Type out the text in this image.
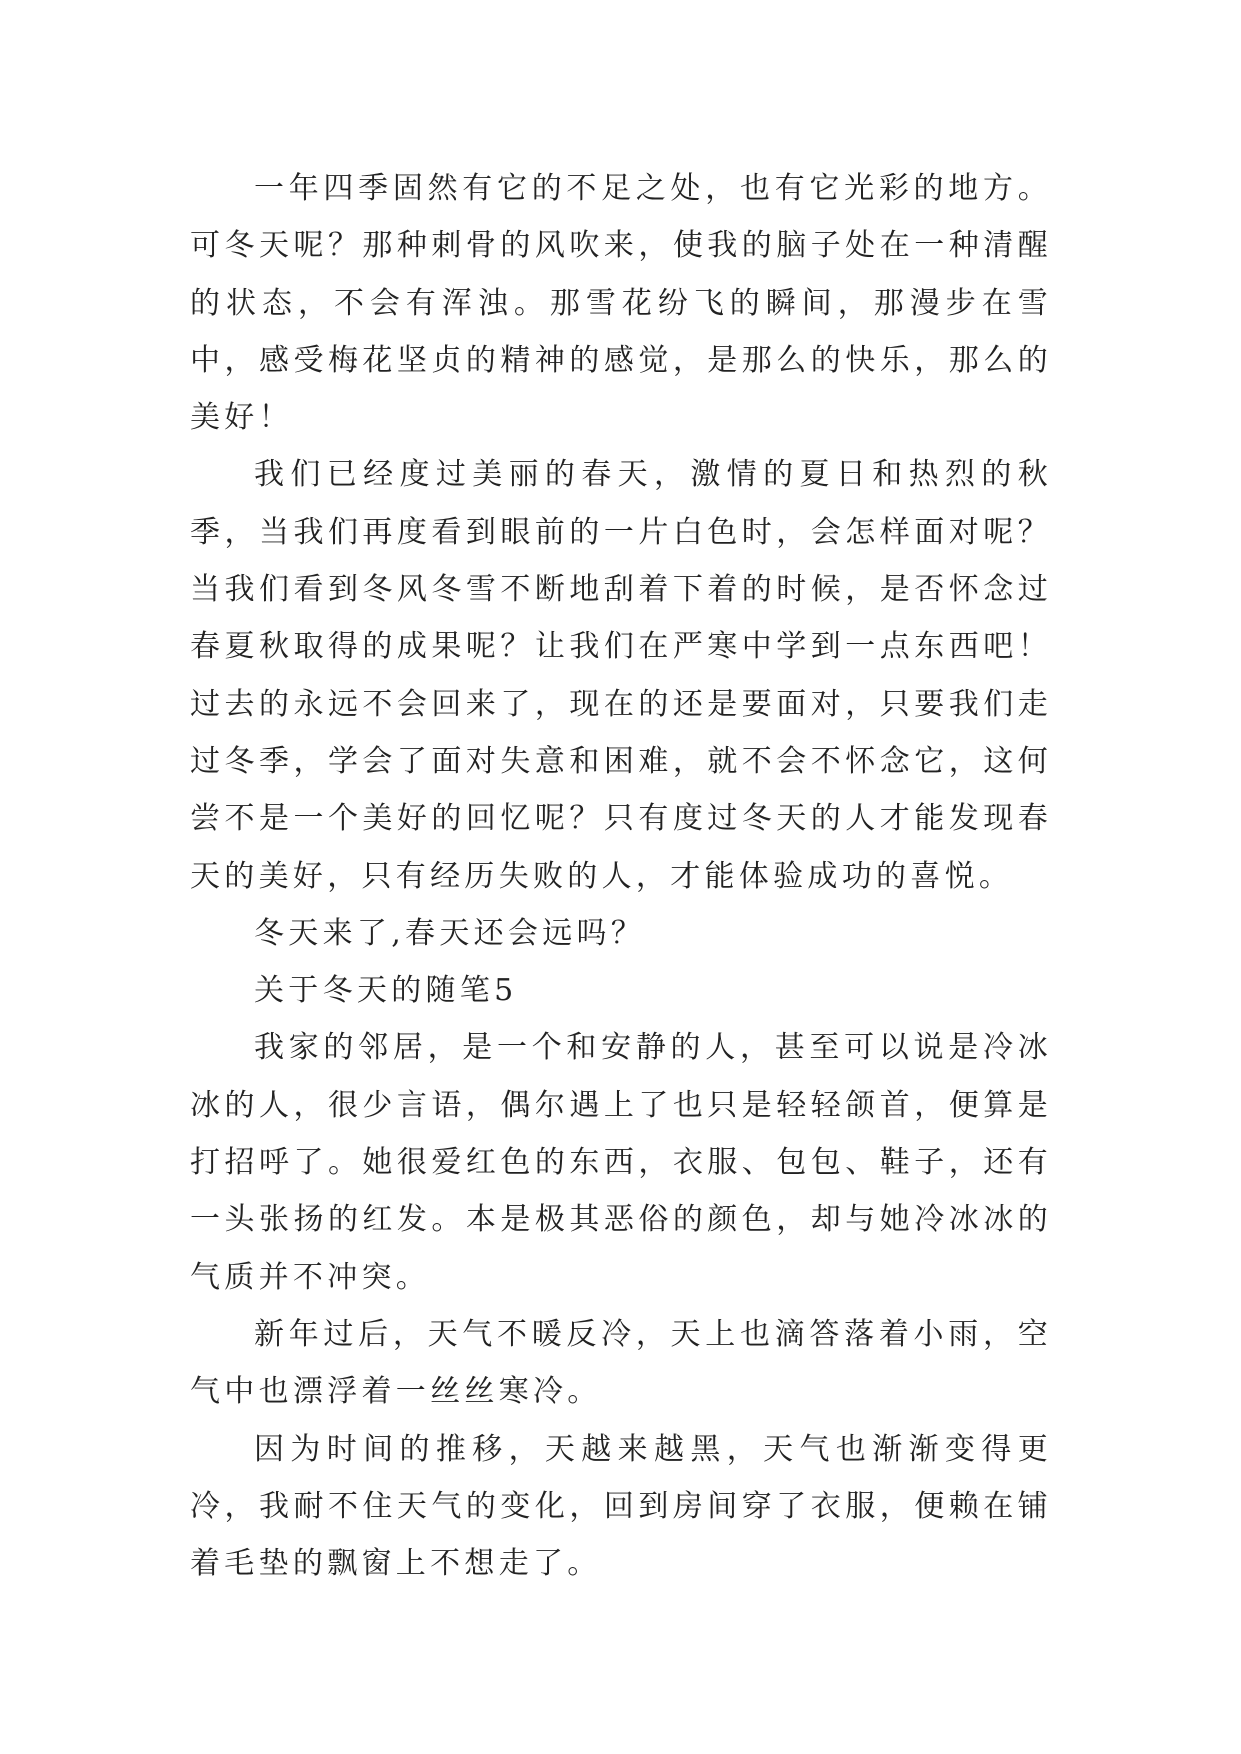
一年四季固然有它的不足之处，也有它光彩的地方。可冬天呢？那种刺骨的风吹来，使我的脑子处在一种清醒的状态，不会有浑浊。那雪花纷飞的瞬间，那漫步在雪中，感受梅花坚贞的精神的感觉，是那么的快乐，那么的美好！

我们已经度过美丽的春天，激情的夏日和热烈的秋季，当我们再度看到眼前的一片白色时，会怎样面对呢？当我们看到冬风冬雪不断地刮着下着的时候，是否怀念过春夏秋取得的成果呢？让我们在严寒中学到一点东西吧！过去的永远不会回来了，现在的还是要面对，只要我们走过冬季，学会了面对失意和困难，就不会不怀念它，这何尝不是一个美好的回忆呢？只有度过冬天的人才能发现春天的美好，只有经历失败的人，才能体验成功的喜悦。

冬天来了,春天还会远吗？

关于冬天的随笔5

我家的邻居，是一个和安静的人，甚至可以说是冷冰冰的人，很少言语，偶尔遇上了也只是轻轻颌首，便算是打招呼了。她很爱红色的东西，衣服、包包、鞋子，还有一头张扬的红发。本是极其恶俗的颜色，却与她冷冰冰的气质并不冲突。

新年过后，天气不暖反冷，天上也滴答落着小雨，空气中也漂浮着一丝丝寒冷。

因为时间的推移，天越来越黑，天气也渐渐变得更冷，我耐不住天气的变化，回到房间穿了衣服，便赖在铺着毛垫的飘窗上不想走了。
